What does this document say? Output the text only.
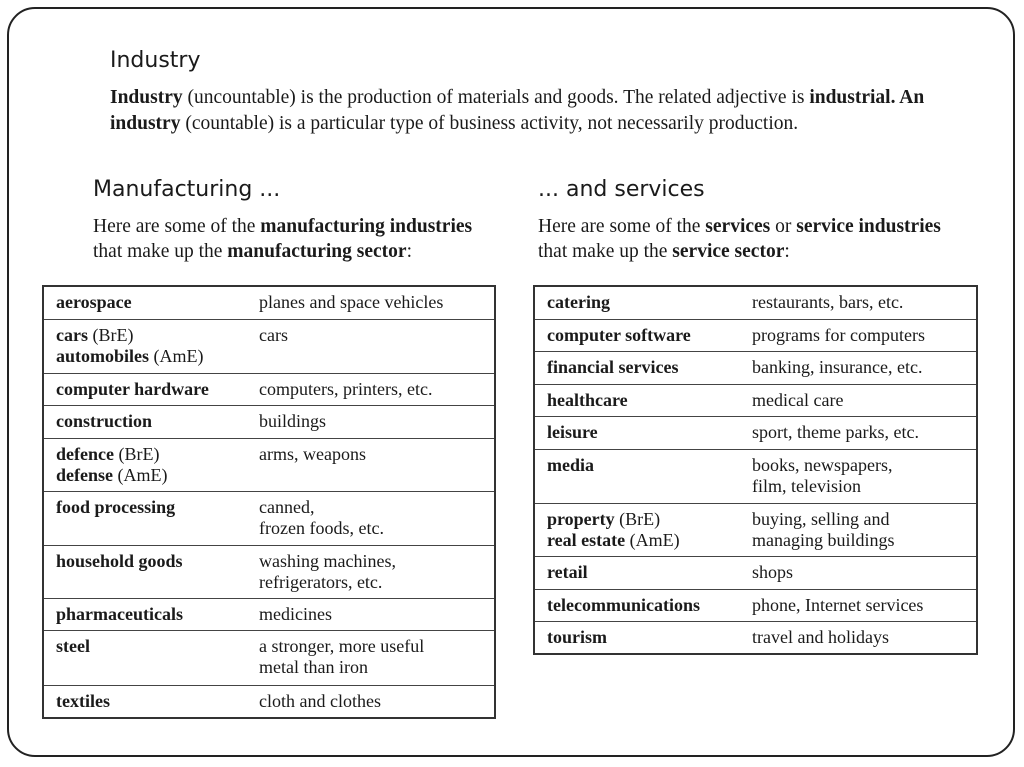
Industry
Industry (uncountable) is the production of materials and goods. The related adjective is industrial. An industry (countable) is a particular type of business activity, not necessarily production.
Manufacturing ...
Here are some of the manufacturing industries
that make up the manufacturing sector:
... and services
Here are some of the services or service industries
that make up the service sector:
aerospace	planes and space vehicles
cars (BrE)
automobiles (AmE)	cars
computer hardware	computers, printers, etc.
construction	buildings
defence (BrE)
defense (AmE)	arms, weapons
food processing	canned,
frozen foods, etc.
household goods	washing machines,
refrigerators, etc.
pharmaceuticals	medicines
steel	a stronger, more useful
metal than iron
textiles	cloth and clothes
catering	restaurants, bars, etc.
computer software	programs for computers
financial services	banking, insurance, etc.
healthcare	medical care
leisure	sport, theme parks, etc.
media	books, newspapers,
film, television
property (BrE)
real estate (AmE)	buying, selling and
managing buildings
retail	shops
telecommunications	phone, Internet services
tourism	travel and holidays
